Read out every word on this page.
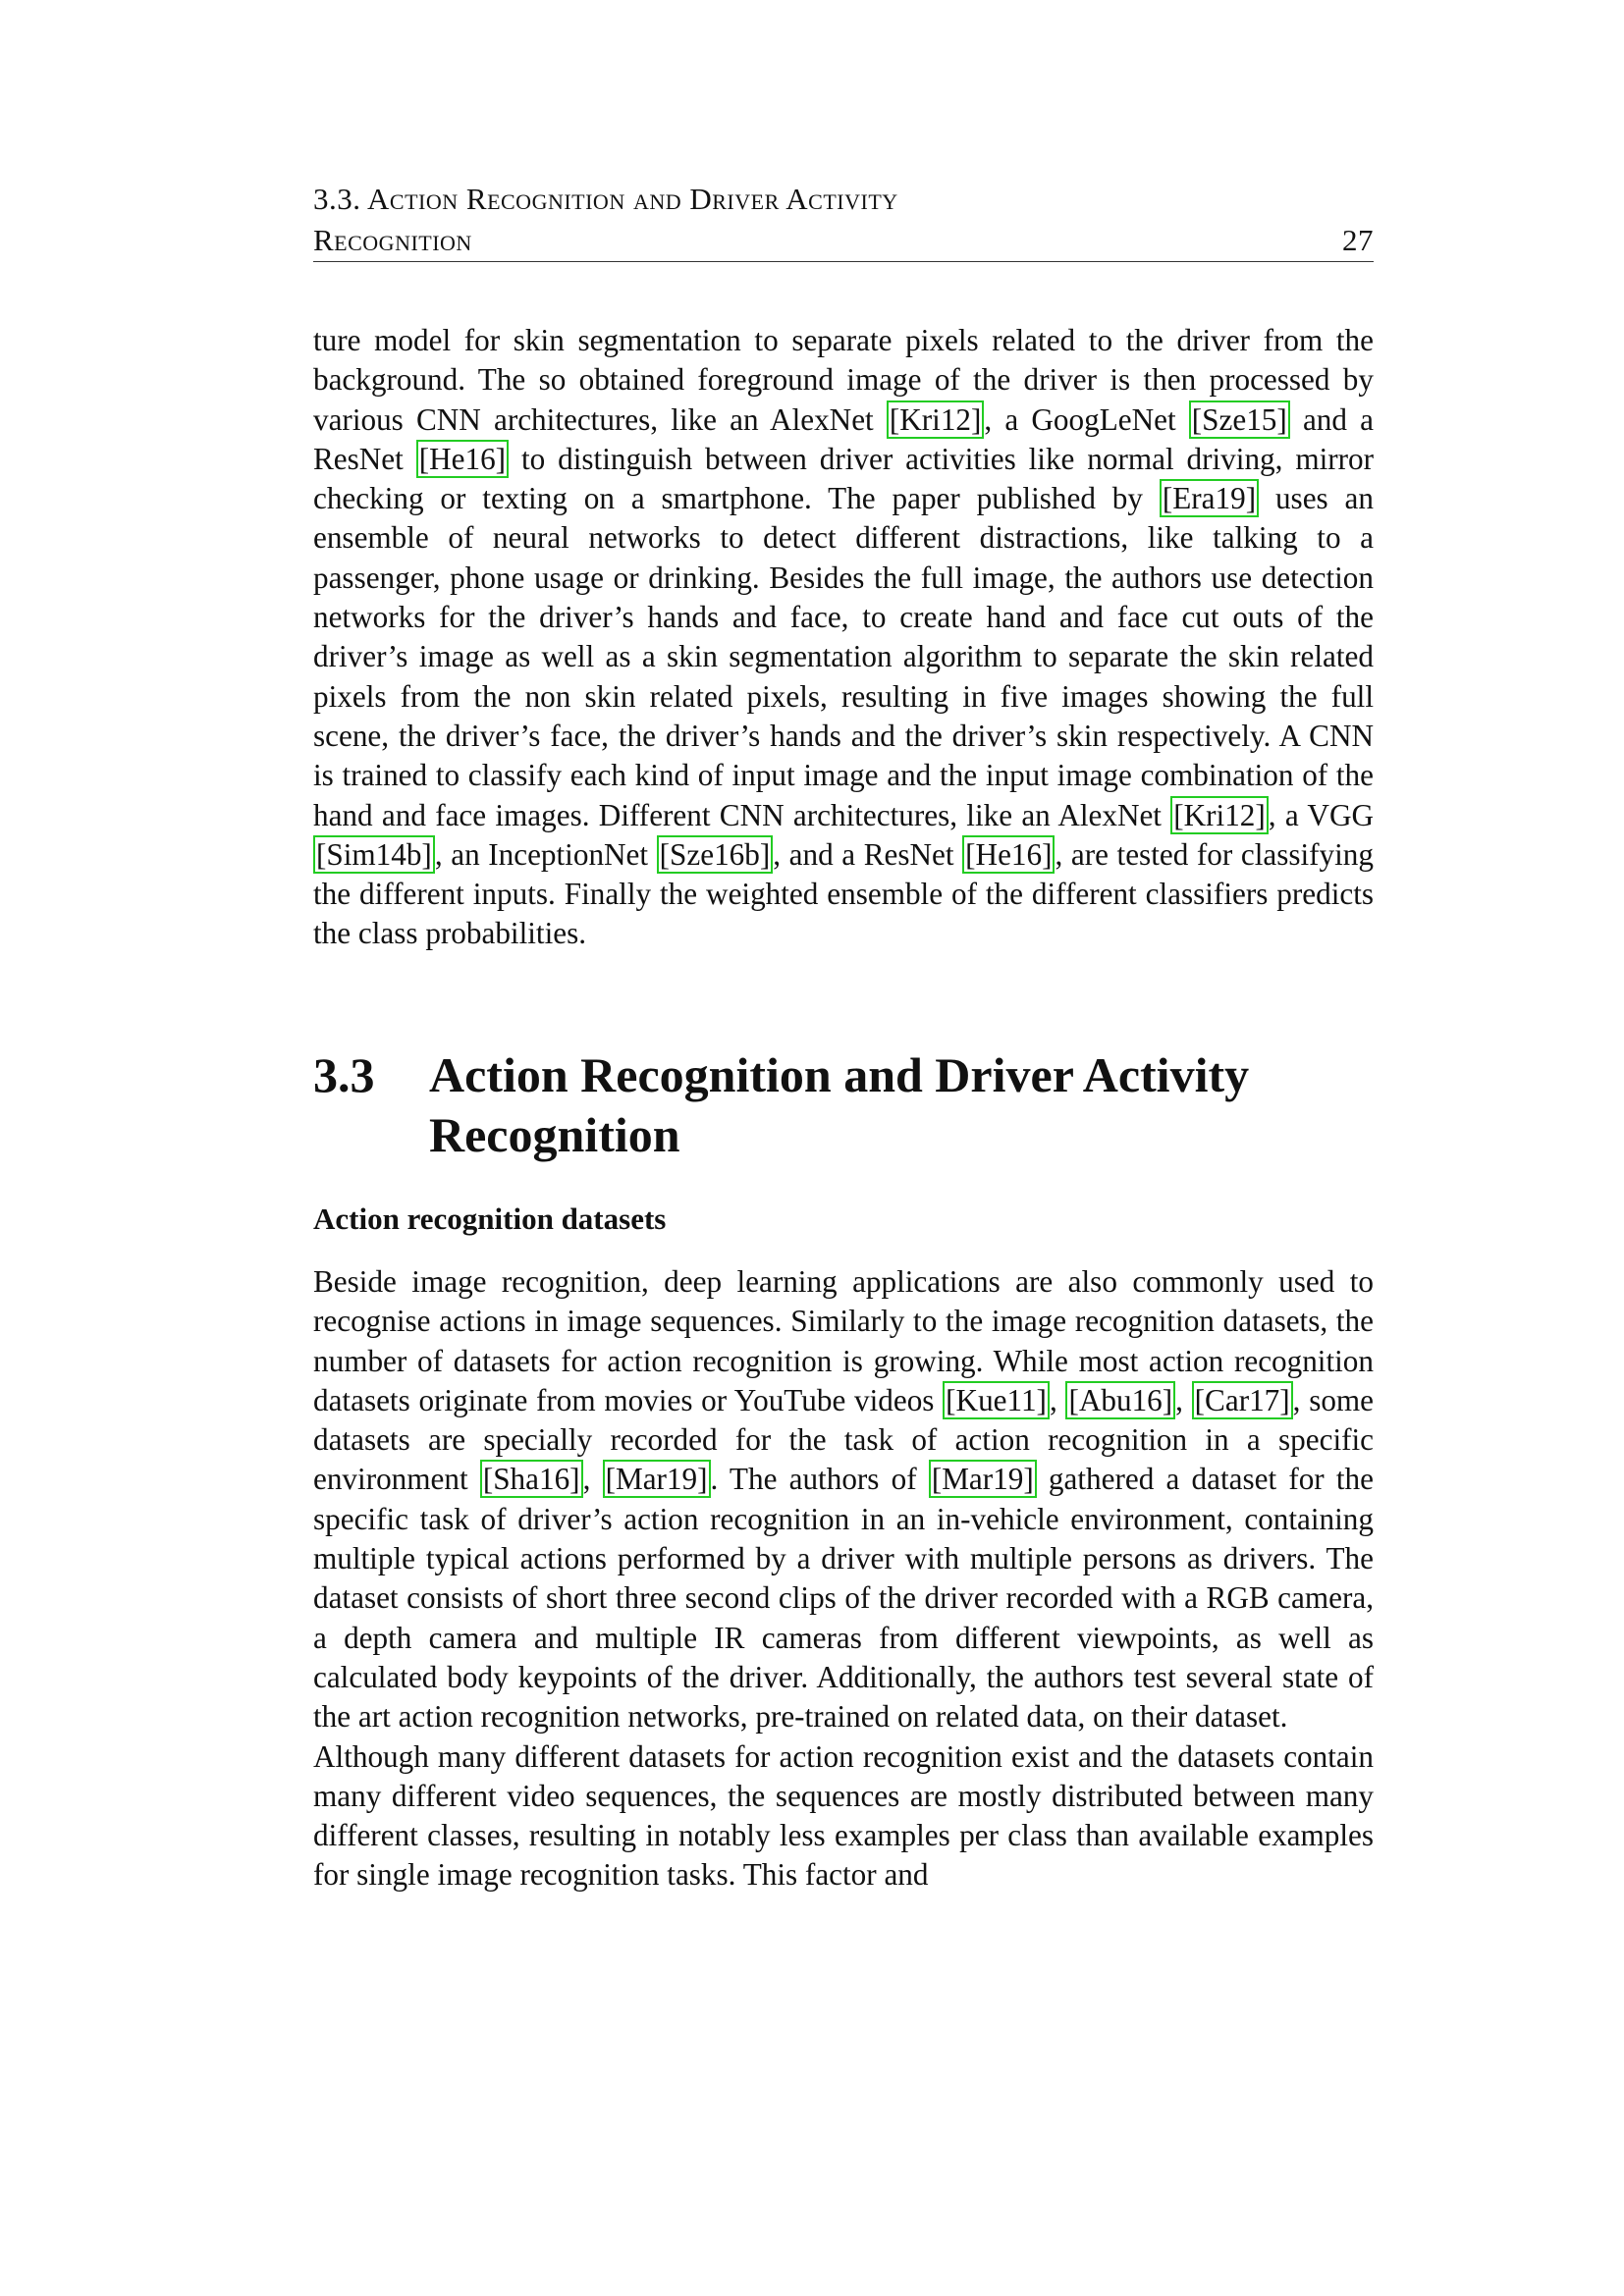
3.3. Action Recognition and Driver Activity
Recognition	27

ture model for skin segmentation to separate pixels related to the driver from the background. The so obtained foreground image of the driver is then processed by various CNN architectures, like an AlexNet [Kri12], a GoogLeNet [Sze15] and a ResNet [He16] to distinguish between driver activities like normal driving, mirror checking or texting on a smartphone. The paper published by [Era19] uses an ensemble of neural networks to detect different distractions, like talking to a passenger, phone usage or drinking. Besides the full image, the authors use detection networks for the driver’s hands and face, to create hand and face cut outs of the driver’s image as well as a skin segmentation algorithm to separate the skin related pixels from the non skin related pixels, resulting in five images showing the full scene, the driver’s face, the driver’s hands and the driver’s skin respectively. A CNN is trained to classify each kind of input image and the input image combination of the hand and face images. Different CNN architectures, like an AlexNet [Kri12], a VGG [Sim14b], an InceptionNet [Sze16b], and a ResNet [He16], are tested for classifying the different inputs. Finally the weighted ensemble of the different classifiers predicts the class probabilities.

3.3	Action Recognition and Driver Activity Recognition
Action recognition datasets

Beside image recognition, deep learning applications are also commonly used to recognise actions in image sequences. Similarly to the image recognition datasets, the number of datasets for action recognition is growing. While most action recognition datasets originate from movies or YouTube videos [Kue11], [Abu16], [Car17], some datasets are specially recorded for the task of action recognition in a specific environment [Sha16], [Mar19]. The authors of [Mar19] gathered a dataset for the specific task of driver’s action recognition in an in-vehicle environment, containing multiple typical actions performed by a driver with multiple persons as drivers. The dataset consists of short three second clips of the driver recorded with a RGB camera, a depth camera and multiple IR cameras from different viewpoints, as well as calculated body keypoints of the driver. Additionally, the authors test several state of the art action recognition networks, pre-trained on related data, on their dataset.

Although many different datasets for action recognition exist and the datasets contain many different video sequences, the sequences are mostly distributed between many different classes, resulting in notably less examples per class than available examples for single image recognition tasks. This factor and
